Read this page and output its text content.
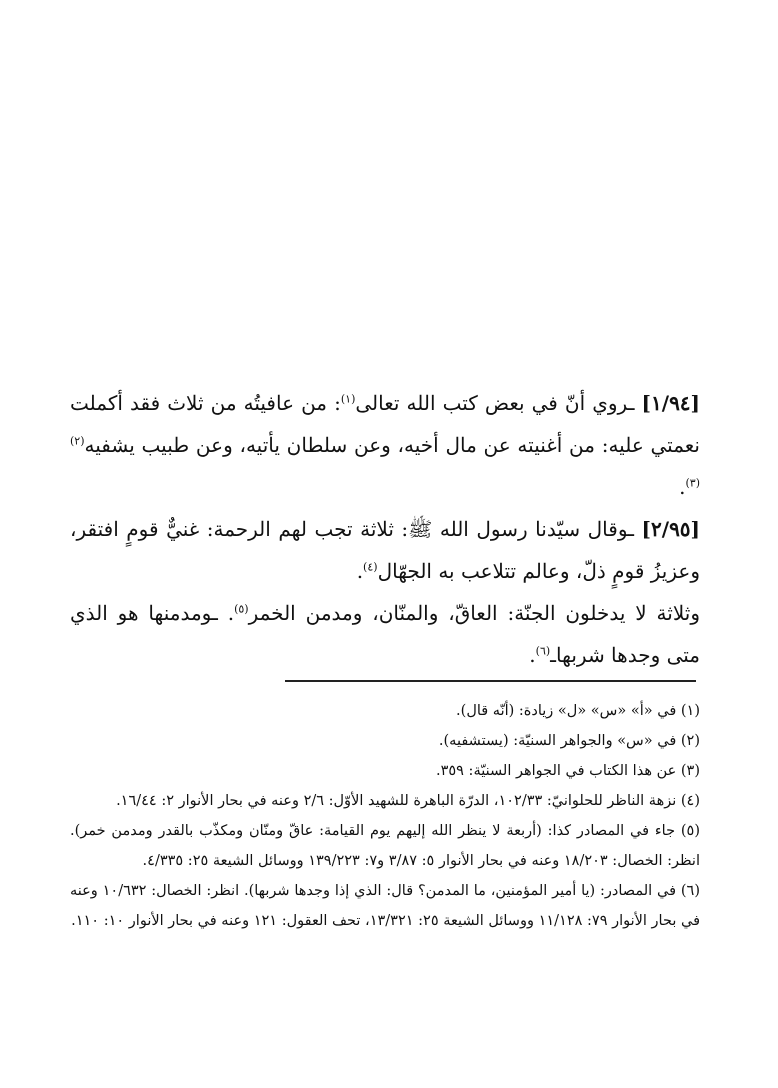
[١/٩٤] ـروي أنّ في بعض كتب الله تعالى$^{(١)}$: من عافيتُه من ثلاث فقد أكملت نعمتي عليه: من أغنيته عن مال أخيه، وعن سلطان يأتيه، وعن طبيب يشفيه$^{(٢)(٣)}$.

[٢/٩٥] ـوقال سيّدنا رسول الله ﷺ: ثلاثة تجب لهم الرحمة: غنيٌّ قومٍ افتقر، وعزيزُ قومٍ ذلّ، وعالم تتلاعب به الجهّال$^{(٤)}$.

وثلاثة لا يدخلون الجنّة: العاقّ، والمنّان، ومدمن الخمر$^{(٥)}$. ـومدمنها هو الذي متى وجدها شربهاـ$^{(٦)}$.

(١) في «أ» «س» «ل» زيادة: (أنّه قال).

(٢) في «س» والجواهر السنيّة: (يستشفيه).

(٣) عن هذا الكتاب في الجواهر السنيّة: ٣٥٩.

(٤) نزهة الناظر للحلوانيّ: ١٠٢/٣٣، الدرّة الباهرة للشهيد الأوّل: ٢/٦ وعنه في بحار الأنوار ٢: ١٦/٤٤.

(٥) جاء في المصادر كذا: (أربعة لا ينظر الله إليهم يوم القيامة: عاقّ ومنّان ومكذّب بالقدر ومدمن خمر). انظر: الخصال: ١٨/٢٠٣ وعنه في بحار الأنوار ٥: ٣/٨٧ و٧: ١٣٩/٢٢٣ ووسائل الشيعة ٢٥: ٤/٣٣٥.

(٦) في المصادر: (يا أمير المؤمنين، ما المدمن؟ قال: الذي إذا وجدها شربها). انظر: الخصال: ١٠/٦٣٢ وعنه في بحار الأنوار ٧٩: ١١/١٢٨ ووسائل الشيعة ٢٥: ١٣/٣٢١، تحف العقول: ١٢١ وعنه في بحار الأنوار ١٠: ١١٠.
